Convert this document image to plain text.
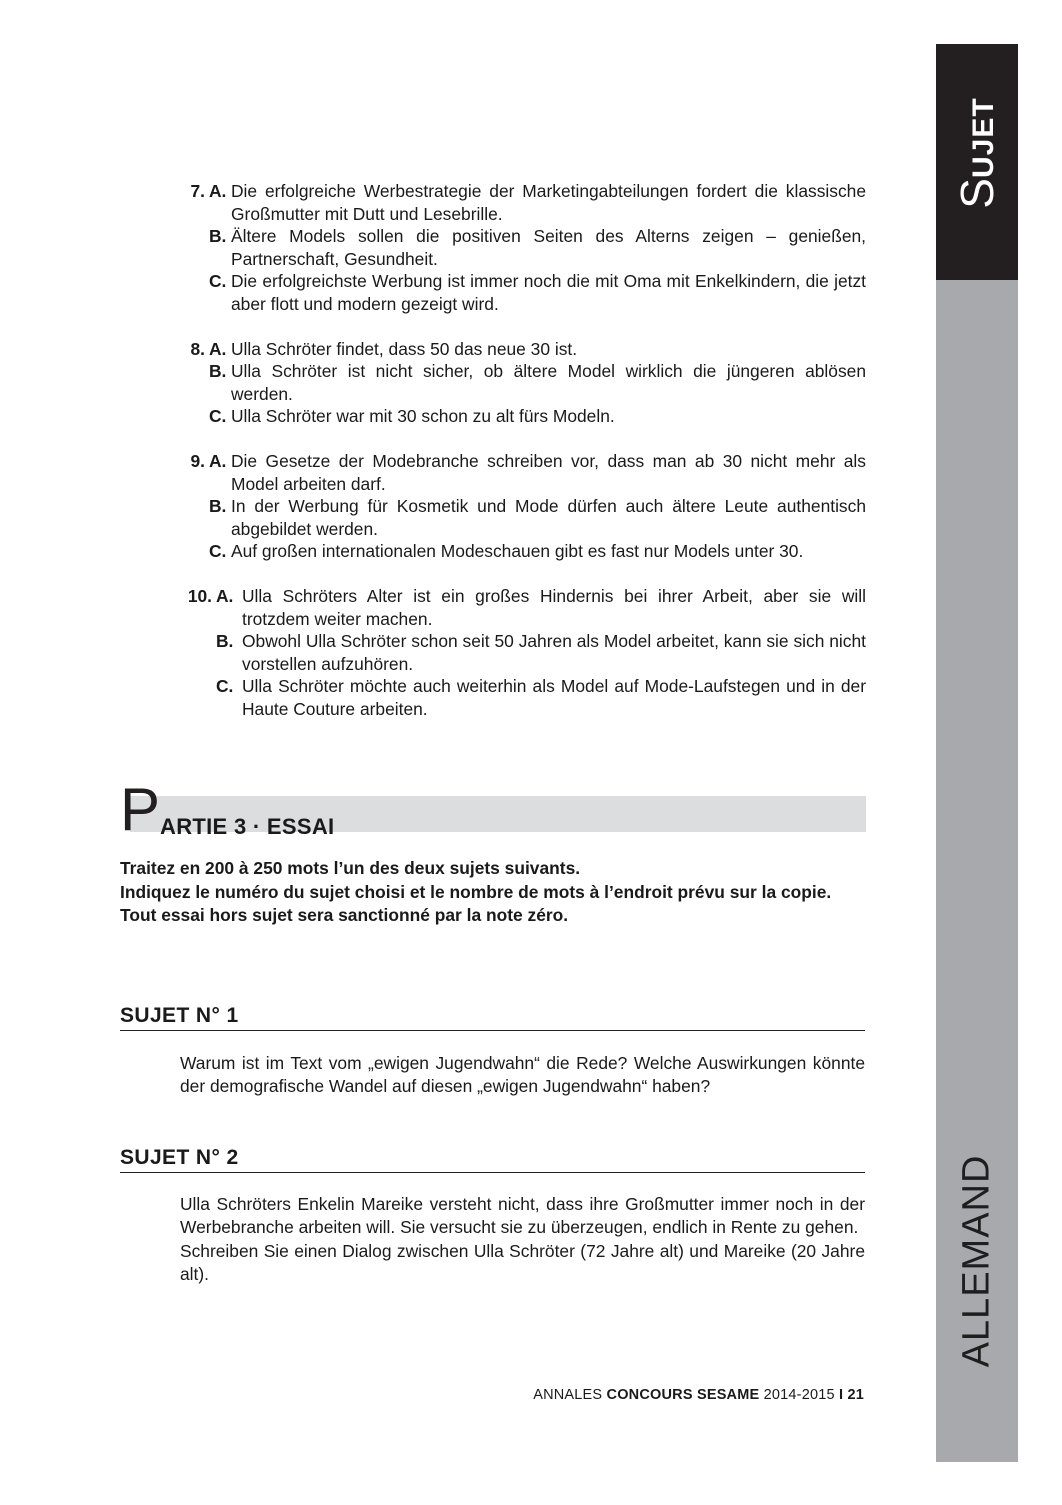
SUJET
ALLEMAND
7. A. Die erfolgreiche Werbestrategie der Marketingabteilungen fordert die klassische Großmutter mit Dutt und Lesebrille.
B. Ältere Models sollen die positiven Seiten des Alterns zeigen – genießen, Partnerschaft, Gesundheit.
C. Die erfolgreichste Werbung ist immer noch die mit Oma mit Enkelkindern, die jetzt aber flott und modern gezeigt wird.
8. A. Ulla Schröter findet, dass 50 das neue 30 ist.
B. Ulla Schröter ist nicht sicher, ob ältere Model wirklich die jüngeren ablösen werden.
C. Ulla Schröter war mit 30 schon zu alt fürs Modeln.
9. A. Die Gesetze der Modebranche schreiben vor, dass man ab 30 nicht mehr als Model arbeiten darf.
B. In der Werbung für Kosmetik und Mode dürfen auch ältere Leute authentisch abgebildet werden.
C. Auf großen internationalen Modeschauen gibt es fast nur Models unter 30.
10. A. Ulla Schröters Alter ist ein großes Hindernis bei ihrer Arbeit, aber sie will trotzdem weiter machen.
B. Obwohl Ulla Schröter schon seit 50 Jahren als Model arbeitet, kann sie sich nicht vorstellen aufzuhören.
C. Ulla Schröter möchte auch weiterhin als Model auf Mode-Laufstegen und in der Haute Couture arbeiten.
P ARTIE 3 · ESSAI
Traitez en 200 à 250 mots l’un des deux sujets suivants.
Indiquez le numéro du sujet choisi et le nombre de mots à l’endroit prévu sur la copie.
Tout essai hors sujet sera sanctionné par la note zéro.
SUJET N° 1

Warum ist im Text vom „ewigen Jugendwahn“ die Rede? Welche Auswirkungen könnte der demografische Wandel auf diesen „ewigen Jugendwahn“ haben?

SUJET N° 2

Ulla Schröters Enkelin Mareike versteht nicht, dass ihre Großmutter immer noch in der Werbebranche arbeiten will. Sie versucht sie zu überzeugen, endlich in Rente zu gehen.

Schreiben Sie einen Dialog zwischen Ulla Schröter (72 Jahre alt) und Mareike (20 Jahre alt).

ANNALES CONCOURS SESAME 2014-2015 I 21
